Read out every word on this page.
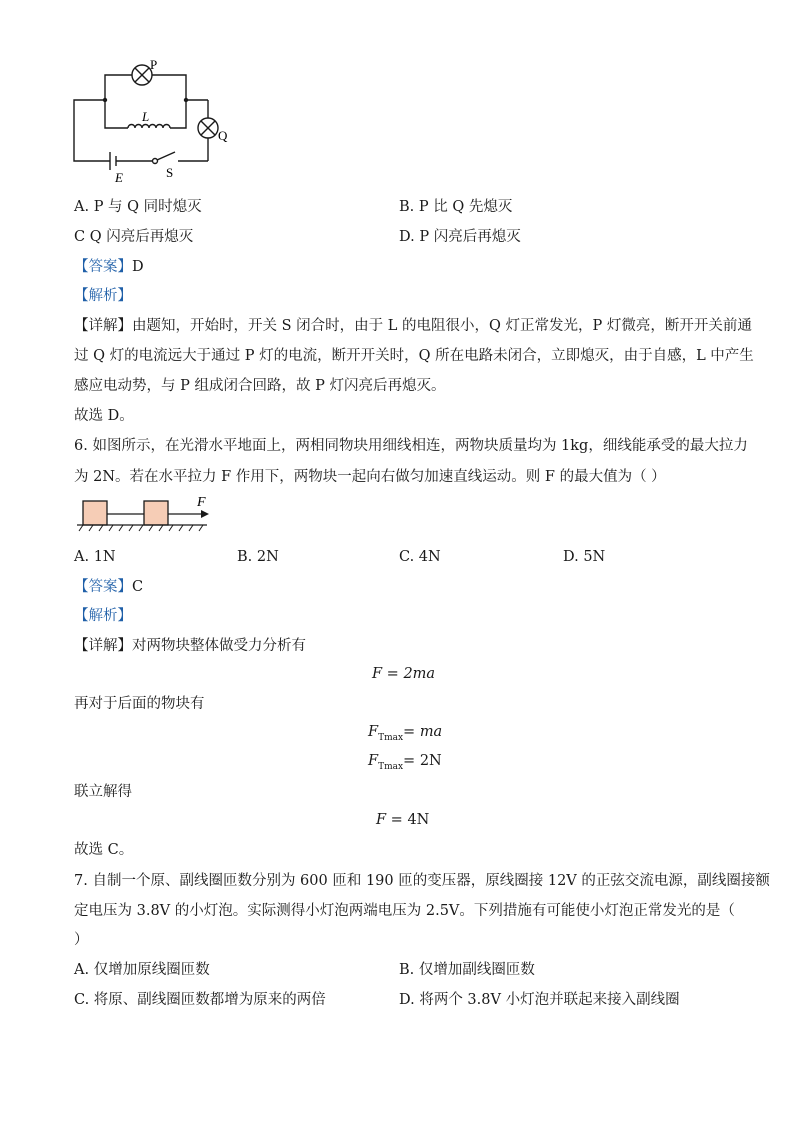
P
L
Q
S
E
A. P 与 Q 同时熄灭	B. P 比 Q 先熄灭
C Q 闪亮后再熄灭	D. P 闪亮后再熄灭
【答案】D
【解析】
【详解】由题知，开始时，开关 S 闭合时，由于 L 的电阻很小，Q 灯正常发光，P 灯微亮，断开开关前通
过 Q 灯的电流远大于通过 P 灯的电流，断开开关时，Q 所在电路未闭合，立即熄灭，由于自感，L 中产生
感应电动势，与 P 组成闭合回路，故 P 灯闪亮后再熄灭。
故选 D。
6. 如图所示，在光滑水平地面上，两相同物块用细线相连，两物块质量均为 1kg，细线能承受的最大拉力
为 2N。若在水平拉力 F 作用下，两物块一起向右做匀加速直线运动。则 F 的最大值为（ ）
F
A. 1N	B. 2N	C. 4N	D. 5N
【答案】C
【解析】
【详解】对两物块整体做受力分析有
F = 2ma
再对于后面的物块有
$F_{Tmax}=$ ma
$F_{Tmax}= 2N$
联立解得
F = 4N
故选 C。
7. 自制一个原、副线圈匝数分别为 600 匝和 190 匝的变压器，原线圈接 12V 的正弦交流电源，副线圈接额
定电压为 3.8V 的小灯泡。实际测得小灯泡两端电压为 2.5V。下列措施有可能使小灯泡正常发光的是（
）
A. 仅增加原线圈匝数	B. 仅增加副线圈匝数
C. 将原、副线圈匝数都增为原来的两倍	D. 将两个 3.8V 小灯泡并联起来接入副线圈
